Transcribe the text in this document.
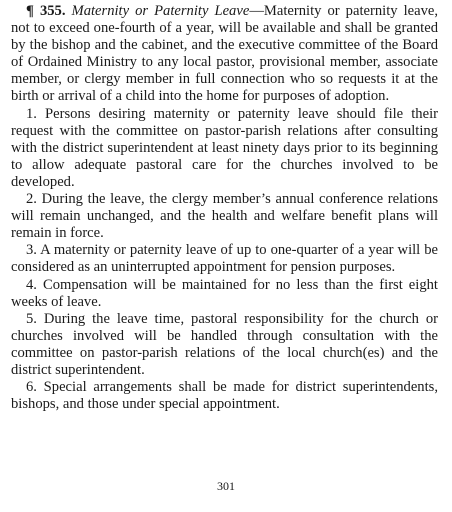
¶ 355. Maternity or Paternity Leave—Maternity or paternity leave, not to exceed one-fourth of a year, will be available and shall be granted by the bishop and the cabinet, and the executive committee of the Board of Ordained Ministry to any local pastor, provisional member, associate member, or clergy member in full connection who so requests it at the birth or arrival of a child into the home for purposes of adoption.

1. Persons desiring maternity or paternity leave should file their request with the committee on pastor-parish relations after consulting with the district superintendent at least ninety days prior to its beginning to allow adequate pastoral care for the churches involved to be developed.

2. During the leave, the clergy member’s annual conference relations will remain unchanged, and the health and welfare benefit plans will remain in force.

3. A maternity or paternity leave of up to one-quarter of a year will be considered as an uninterrupted appointment for pension purposes.

4. Compensation will be maintained for no less than the first eight weeks of leave.

5. During the leave time, pastoral responsibility for the church or churches involved will be handled through consultation with the committee on pastor-parish relations of the local church(es) and the district superintendent.

6. Special arrangements shall be made for district superintendents, bishops, and those under special appointment.

301
